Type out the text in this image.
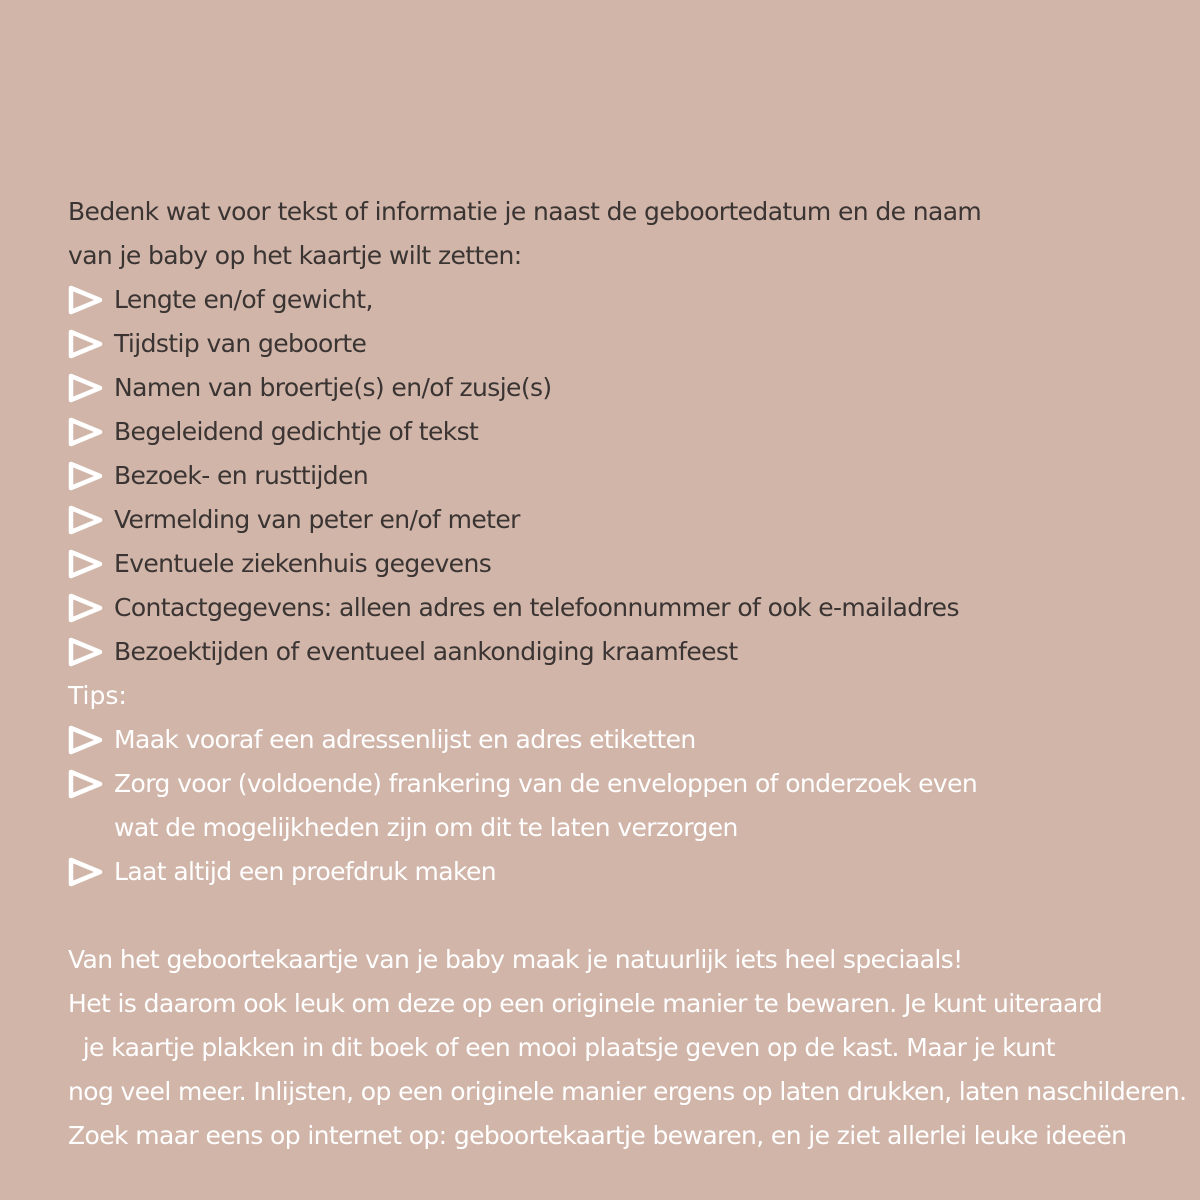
Bedenk wat voor tekst of informatie je naast de geboortedatum en de naam
van je baby op het kaartje wilt zetten:
Lengte en/of gewicht,
Tijdstip van geboorte
Namen van broertje(s) en/of zusje(s)
Begeleidend gedichtje of tekst
Bezoek- en rusttijden
Vermelding van peter en/of meter
Eventuele ziekenhuis gegevens
Contactgegevens: alleen adres en telefoonnummer of ook e-mailadres
Bezoektijden of eventueel aankondiging kraamfeest
Tips:
Maak vooraf een adressenlijst en adres etiketten
Zorg voor (voldoende) frankering van de enveloppen of onderzoek even
wat de mogelijkheden zijn om dit te laten verzorgen
Laat altijd een proefdruk maken
Van het geboortekaartje van je baby maak je natuurlijk iets heel speciaals!
Het is daarom ook leuk om deze op een originele manier te bewaren. Je kunt uiteraard
je kaartje plakken in dit boek of een mooi plaatsje geven op de kast. Maar je kunt
nog veel meer. Inlijsten, op een originele manier ergens op laten drukken, laten naschilderen.
Zoek maar eens op internet op: geboortekaartje bewaren, en je ziet allerlei leuke ideeën
